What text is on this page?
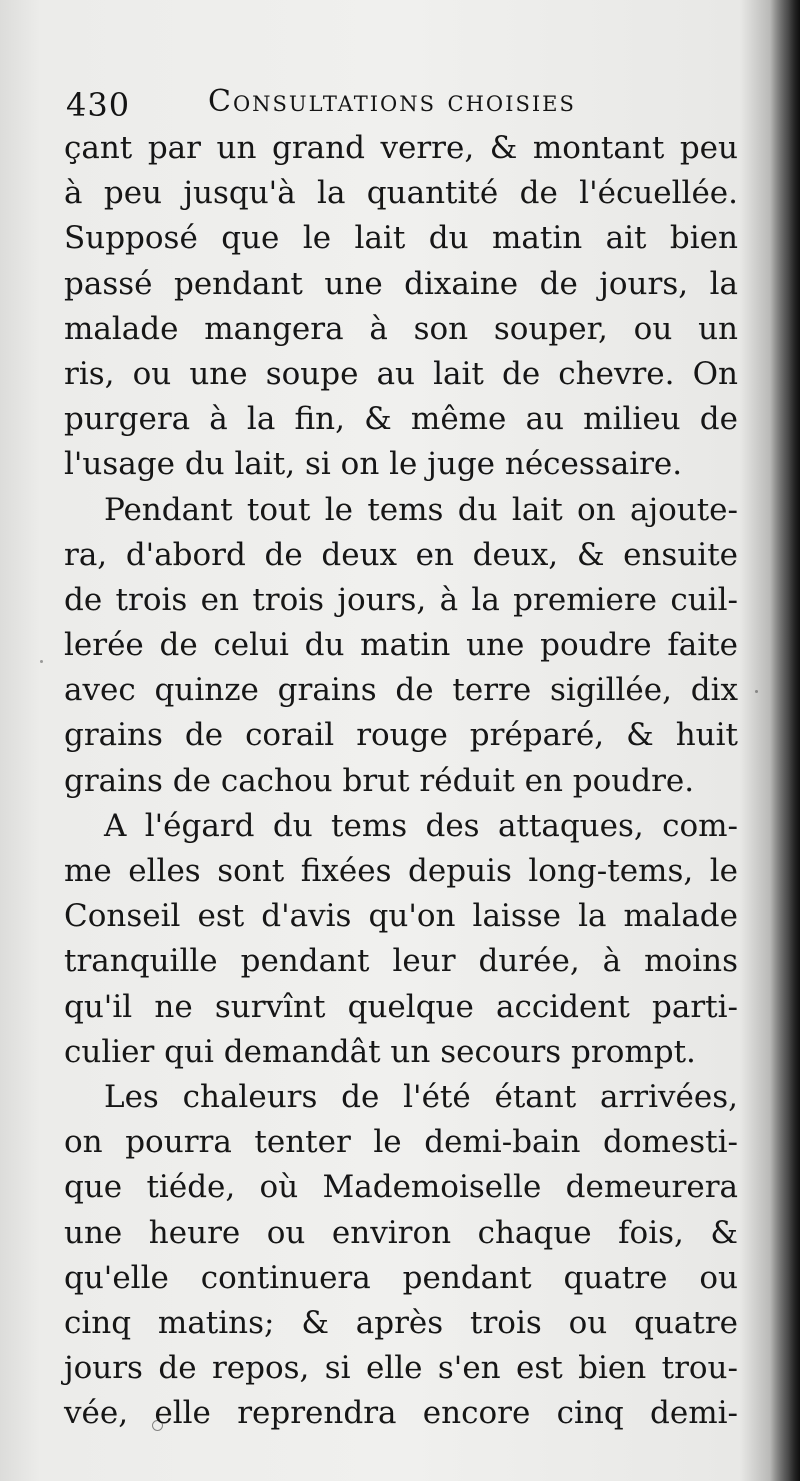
430	Consultations choisies
çant par un grand verre, & montant peu
à peu jusqu'à la quantité de l'écuellée.
Supposé que le lait du matin ait bien
passé pendant une dixaine de jours, la
malade mangera à son souper, ou un
ris, ou une soupe au lait de chevre. On
purgera à la fin, & même au milieu de
l'usage du lait, si on le juge nécessaire.
Pendant tout le tems du lait on ajoute-
ra, d'abord de deux en deux, & ensuite
de trois en trois jours, à la premiere cuil-
lerée de celui du matin une poudre faite
avec quinze grains de terre sigillée, dix
grains de corail rouge préparé, & huit
grains de cachou brut réduit en poudre.
A l'égard du tems des attaques, com-
me elles sont fixées depuis long-tems, le
Conseil est d'avis qu'on laisse la malade
tranquille pendant leur durée, à moins
qu'il ne survînt quelque accident parti-
culier qui demandât un secours prompt.
Les chaleurs de l'été étant arrivées,
on pourra tenter le demi-bain domesti-
que tiéde, où Mademoiselle demeurera
une heure ou environ chaque fois, &
qu'elle continuera pendant quatre ou
cinq matins; & après trois ou quatre
jours de repos, si elle s'en est bien trou-
vée, elle reprendra encore cinq demi-
